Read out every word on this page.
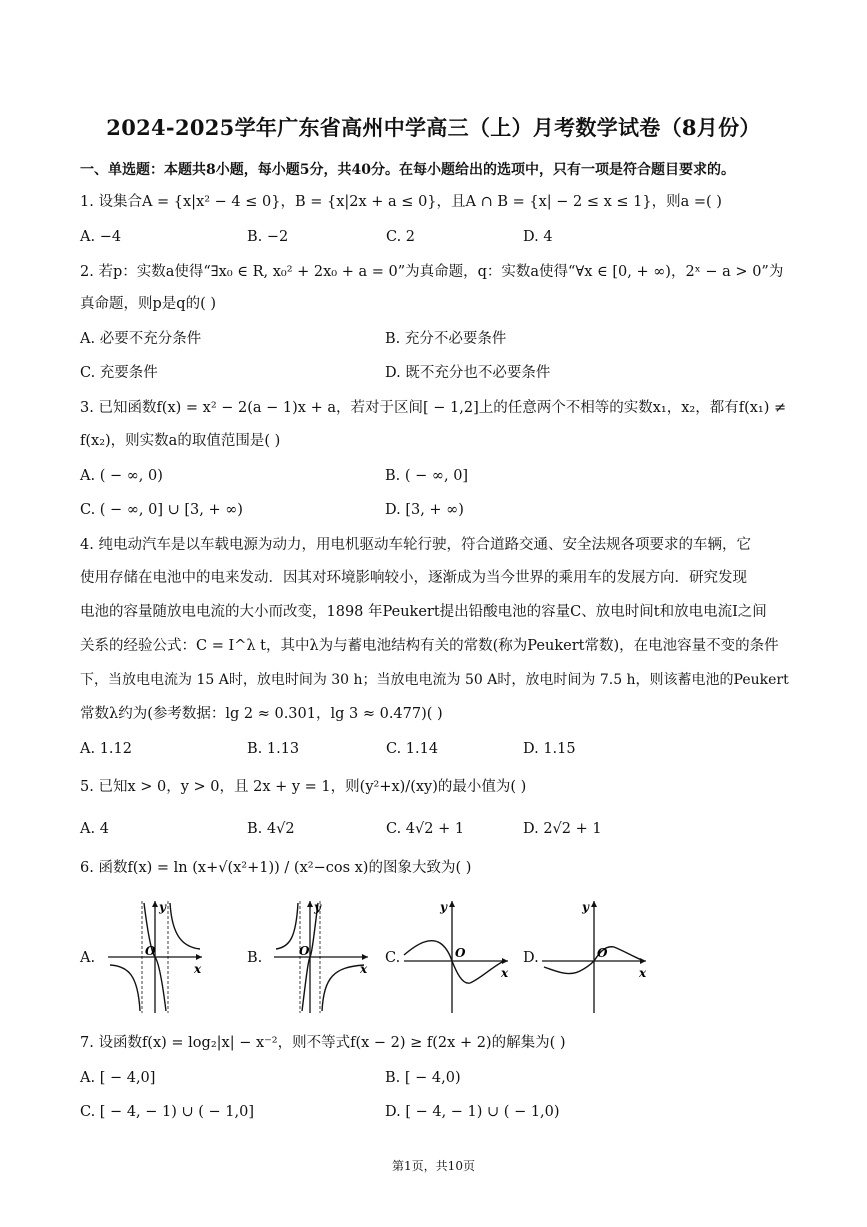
2024-2025学年广东省高州中学高三（上）月考数学试卷（8月份）
一、单选题：本题共8小题，每小题5分，共40分。在每小题给出的选项中，只有一项是符合题目要求的。
1. 设集合A = {x|x² − 4 ≤ 0}，B = {x|2x + a ≤ 0}，且A ∩ B = {x| − 2 ≤ x ≤ 1}，则a =( )
A. −4	B. −2	C. 2	D. 4
2. 若p：实数a使得“∃x₀ ∈ R, x₀² + 2x₀ + a = 0”为真命题，q：实数a使得“∀x ∈ [0, + ∞)，2ˣ − a > 0”为
真命题，则p是q的( )
A. 必要不充分条件	B. 充分不必要条件
C. 充要条件	D. 既不充分也不必要条件
3. 已知函数f(x) = x² − 2(a − 1)x + a，若对于区间[ − 1,2]上的任意两个不相等的实数x₁，x₂，都有f(x₁) ≠
f(x₂)，则实数a的取值范围是( )
A. ( − ∞, 0)	B. ( − ∞, 0]
C. ( − ∞, 0] ∪ [3, + ∞)	D. [3, + ∞)
4. 纯电动汽车是以车载电源为动力，用电机驱动车轮行驶，符合道路交通、安全法规各项要求的车辆，它
使用存储在电池中的电来发动．因其对环境影响较小，逐渐成为当今世界的乘用车的发展方向．研究发现
电池的容量随放电电流的大小而改变，1898 年Peukert提出铅酸电池的容量C、放电时间t和放电电流I之间
关系的经验公式：C = I^λ t，其中λ为与蓄电池结构有关的常数(称为Peukert常数)，在电池容量不变的条件
下，当放电电流为 15 A时，放电时间为 30 h；当放电电流为 50 A时，放电时间为 7.5 h，则该蓄电池的Peukert
常数λ约为(参考数据：lg 2 ≈ 0.301，lg 3 ≈ 0.477)( )
A. 1.12	B. 1.13	C. 1.14	D. 1.15
5. 已知x > 0，y > 0，且 2x + y = 1，则(y²+x)/(xy)的最小值为( )
A. 4	B. 4√2	C. 4√2 + 1	D. 2√2 + 1
6. 函数f(x) = ln (x+√(x²+1)) / (x²−cos x)的图象大致为( )
A.
y
O
x
B.
y
O
x
C.
y
O
x
D.
y
O
x
7. 设函数f(x) = log₂|x| − x⁻²，则不等式f(x − 2) ≥ f(2x + 2)的解集为( )
A. [ − 4,0]	B. [ − 4,0)
C. [ − 4, − 1) ∪ ( − 1,0]	D. [ − 4, − 1) ∪ ( − 1,0)
第1页，共10页
